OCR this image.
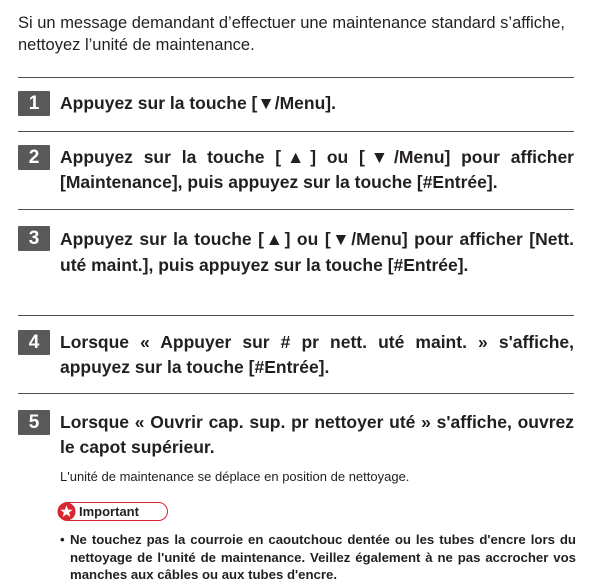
Si un message demandant d’effectuer une maintenance standard s’affiche, nettoyez l’unité de maintenance.
1	Appuyez sur la touche [▼/Menu].
2	Appuyez sur la touche [▲] ou [▼/Menu] pour afficher [Maintenance], puis appuyez sur la touche [#Entrée].
3	Appuyez sur la touche [▲] ou [▼/Menu] pour afficher [Nett. uté maint.], puis appuyez sur la touche [#Entrée].
4	Lorsque « Appuyer sur # pr nett. uté maint. » s'affiche, appuyez sur la touche [#Entrée].
5	Lorsque « Ouvrir cap. sup. pr nettoyer uté » s'affiche, ouvrez le capot supérieur.
L'unité de maintenance se déplace en position de nettoyage.
Important
• Ne touchez pas la courroie en caoutchouc dentée ou les tubes d'encre lors du nettoyage de l'unité de maintenance. Veillez également à ne pas accrocher vos manches aux câbles ou aux tubes d'encre.
